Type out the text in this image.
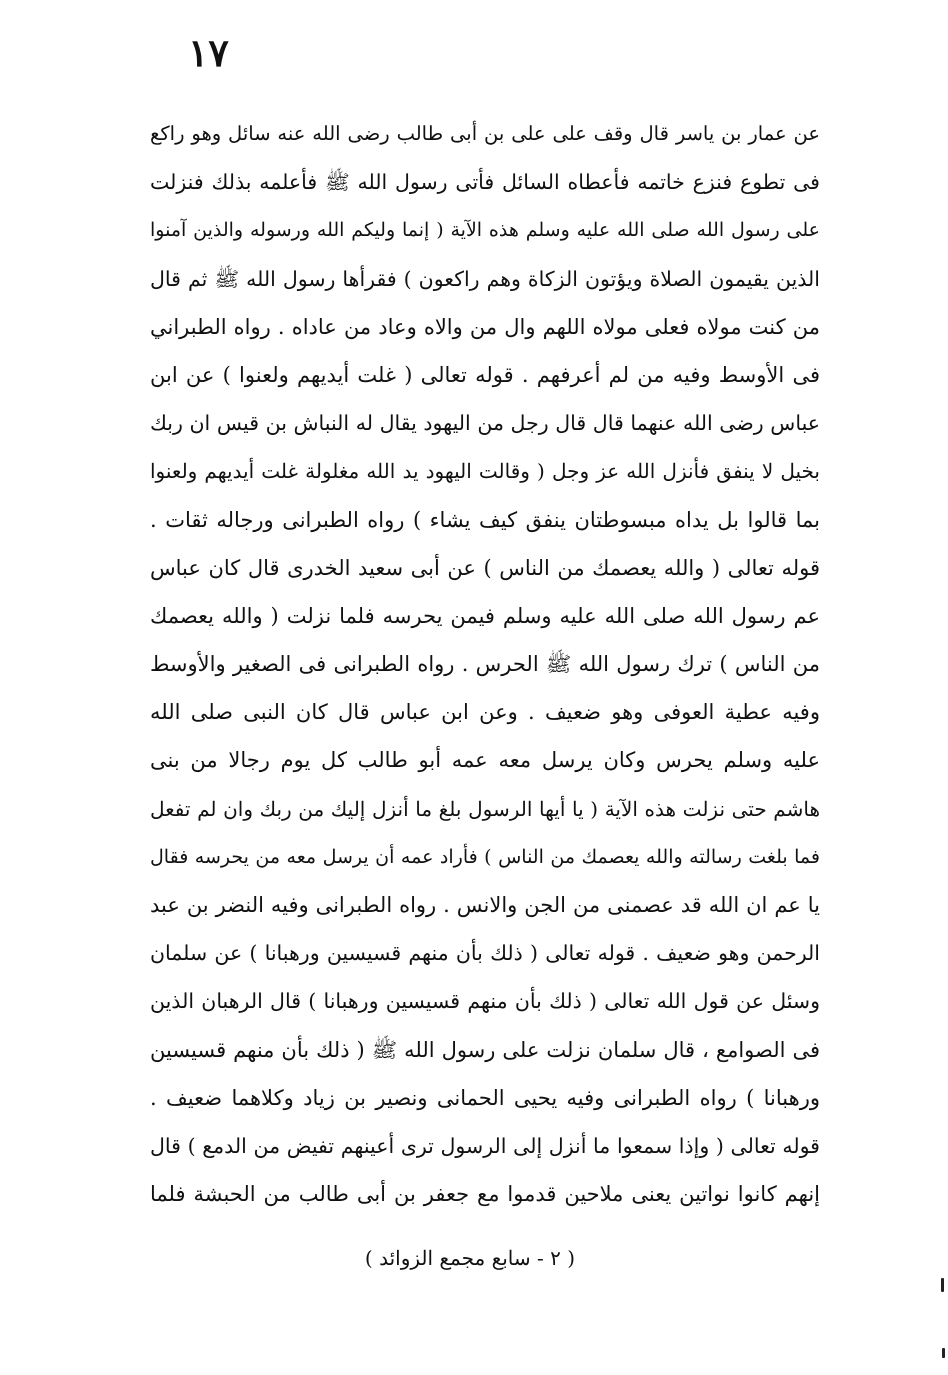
١٧
عن عمار بن ياسر قال وقف على على بن أبى طالب رضى الله عنه سائل وهو راكع
فى تطوع فنزع خاتمه فأعطاه السائل فأتى رسول الله ﷺ فأعلمه بذلك فنزلت
على رسول الله صلى الله عليه وسلم هذه الآية ( إنما وليكم الله ورسوله والذين آمنوا
الذين يقيمون الصلاة ويؤتون الزكاة وهم راكعون ) فقرأها رسول الله ﷺ ثم قال
من كنت مولاه فعلى مولاه اللهم وال من والاه وعاد من عاداه . رواه الطبراني
فى الأوسط وفيه من لم أعرفهم . قوله تعالى ( غلت أيديهم ولعنوا ) عن ابن
عباس رضى الله عنهما قال قال رجل من اليهود يقال له النباش بن قيس ان ربك
بخيل لا ينفق فأنزل الله عز وجل ( وقالت اليهود يد الله مغلولة غلت أيديهم ولعنوا
بما قالوا بل يداه مبسوطتان ينفق كيف يشاء ) رواه الطبرانى ورجاله ثقات .
قوله تعالى ( والله يعصمك من الناس ) عن أبى سعيد الخدرى قال كان عباس
عم رسول الله صلى الله عليه وسلم فيمن يحرسه فلما نزلت ( والله يعصمك
من الناس ) ترك رسول الله ﷺ الحرس . رواه الطبرانى فى الصغير والأوسط
وفيه عطية العوفى وهو ضعيف . وعن ابن عباس قال كان النبى صلى الله
عليه وسلم يحرس وكان يرسل معه عمه أبو طالب كل يوم رجالا من بنى
هاشم حتى نزلت هذه الآية ( يا أيها الرسول بلغ ما أنزل إليك من ربك وان لم تفعل
فما بلغت رسالته والله يعصمك من الناس ) فأراد عمه أن يرسل معه من يحرسه فقال
يا عم ان الله قد عصمنى من الجن والانس . رواه الطبرانى وفيه النضر بن عبد
الرحمن وهو ضعيف . قوله تعالى ( ذلك بأن منهم قسيسين ورهبانا ) عن سلمان
وسئل عن قول الله تعالى ( ذلك بأن منهم قسيسين ورهبانا ) قال الرهبان الذين
فى الصوامع ، قال سلمان نزلت على رسول الله ﷺ ( ذلك بأن منهم قسيسين
ورهبانا ) رواه الطبرانى وفيه يحيى الحمانى ونصير بن زياد وكلاهما ضعيف .
قوله تعالى ( وإذا سمعوا ما أنزل إلى الرسول ترى أعينهم تفيض من الدمع ) قال
إنهم كانوا نواتين يعنى ملاحين قدموا مع جعفر بن أبى طالب من الحبشة فلما
( ٢ - سابع مجمع الزوائد )
